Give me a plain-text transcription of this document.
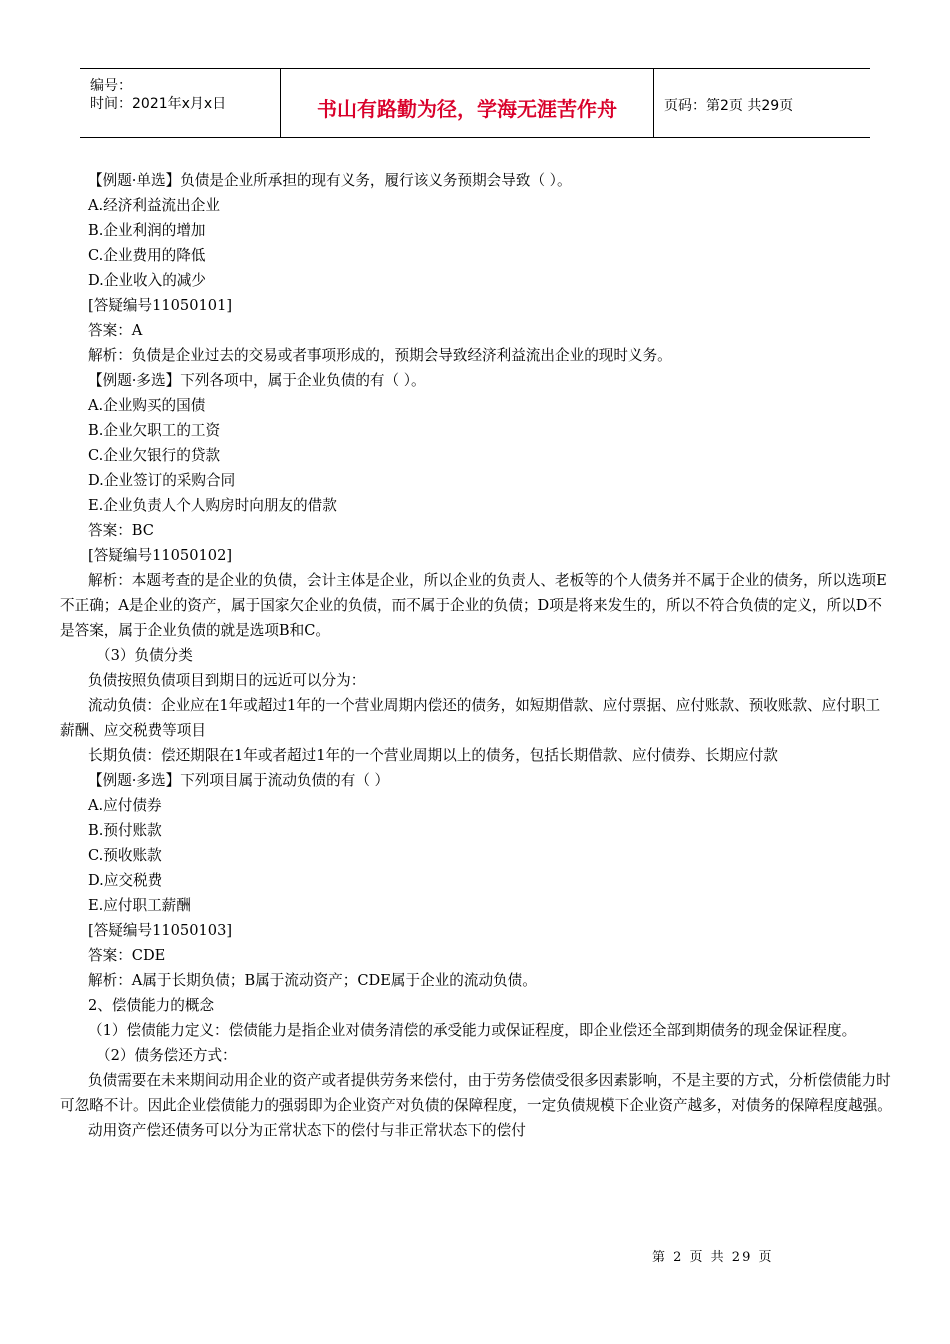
编号：
时间：2021年x月x日	书山有路勤为径，学海无涯苦作舟	页码：第2页 共29页

【例题·单选】负债是企业所承担的现有义务，履行该义务预期会导致（ ）。

A.经济利益流出企业

B.企业利润的增加

C.企业费用的降低

D.企业收入的减少

[答疑编号11050101]

答案：A

解析：负债是企业过去的交易或者事项形成的，预期会导致经济利益流出企业的现时义务。

【例题·多选】下列各项中，属于企业负债的有（ ）。

A.企业购买的国债

B.企业欠职工的工资

C.企业欠银行的贷款

D.企业签订的采购合同

E.企业负责人个人购房时向朋友的借款

答案：BC

[答疑编号11050102]

解析：本题考查的是企业的负债，会计主体是企业，所以企业的负责人、老板等的个人债务并不属于企业的债务，所以选项E不正确；A是企业的资产，属于国家欠企业的负债，而不属于企业的负债；D项是将来发生的，所以不符合负债的定义，所以D不是答案，属于企业负债的就是选项B和C。

（3）负债分类

负债按照负债项目到期日的远近可以分为：

流动负债：企业应在1年或超过1年的一个营业周期内偿还的债务，如短期借款、应付票据、应付账款、预收账款、应付职工薪酬、应交税费等项目

长期负债：偿还期限在1年或者超过1年的一个营业周期以上的债务，包括长期借款、应付债券、长期应付款

【例题·多选】下列项目属于流动负债的有（ ）

A.应付债券

B.预付账款

C.预收账款

D.应交税费

E.应付职工薪酬

[答疑编号11050103]

答案：CDE

解析：A属于长期负债；B属于流动资产；CDE属于企业的流动负债。

2、偿债能力的概念

（1）偿债能力定义：偿债能力是指企业对债务清偿的承受能力或保证程度，即企业偿还全部到期债务的现金保证程度。

（2）债务偿还方式：

负债需要在未来期间动用企业的资产或者提供劳务来偿付，由于劳务偿债受很多因素影响，不是主要的方式，分析偿债能力时可忽略不计。因此企业偿债能力的强弱即为企业资产对负债的保障程度，一定负债规模下企业资产越多，对债务的保障程度越强。

动用资产偿还债务可以分为正常状态下的偿付与非正常状态下的偿付

第 2 页 共 29 页
